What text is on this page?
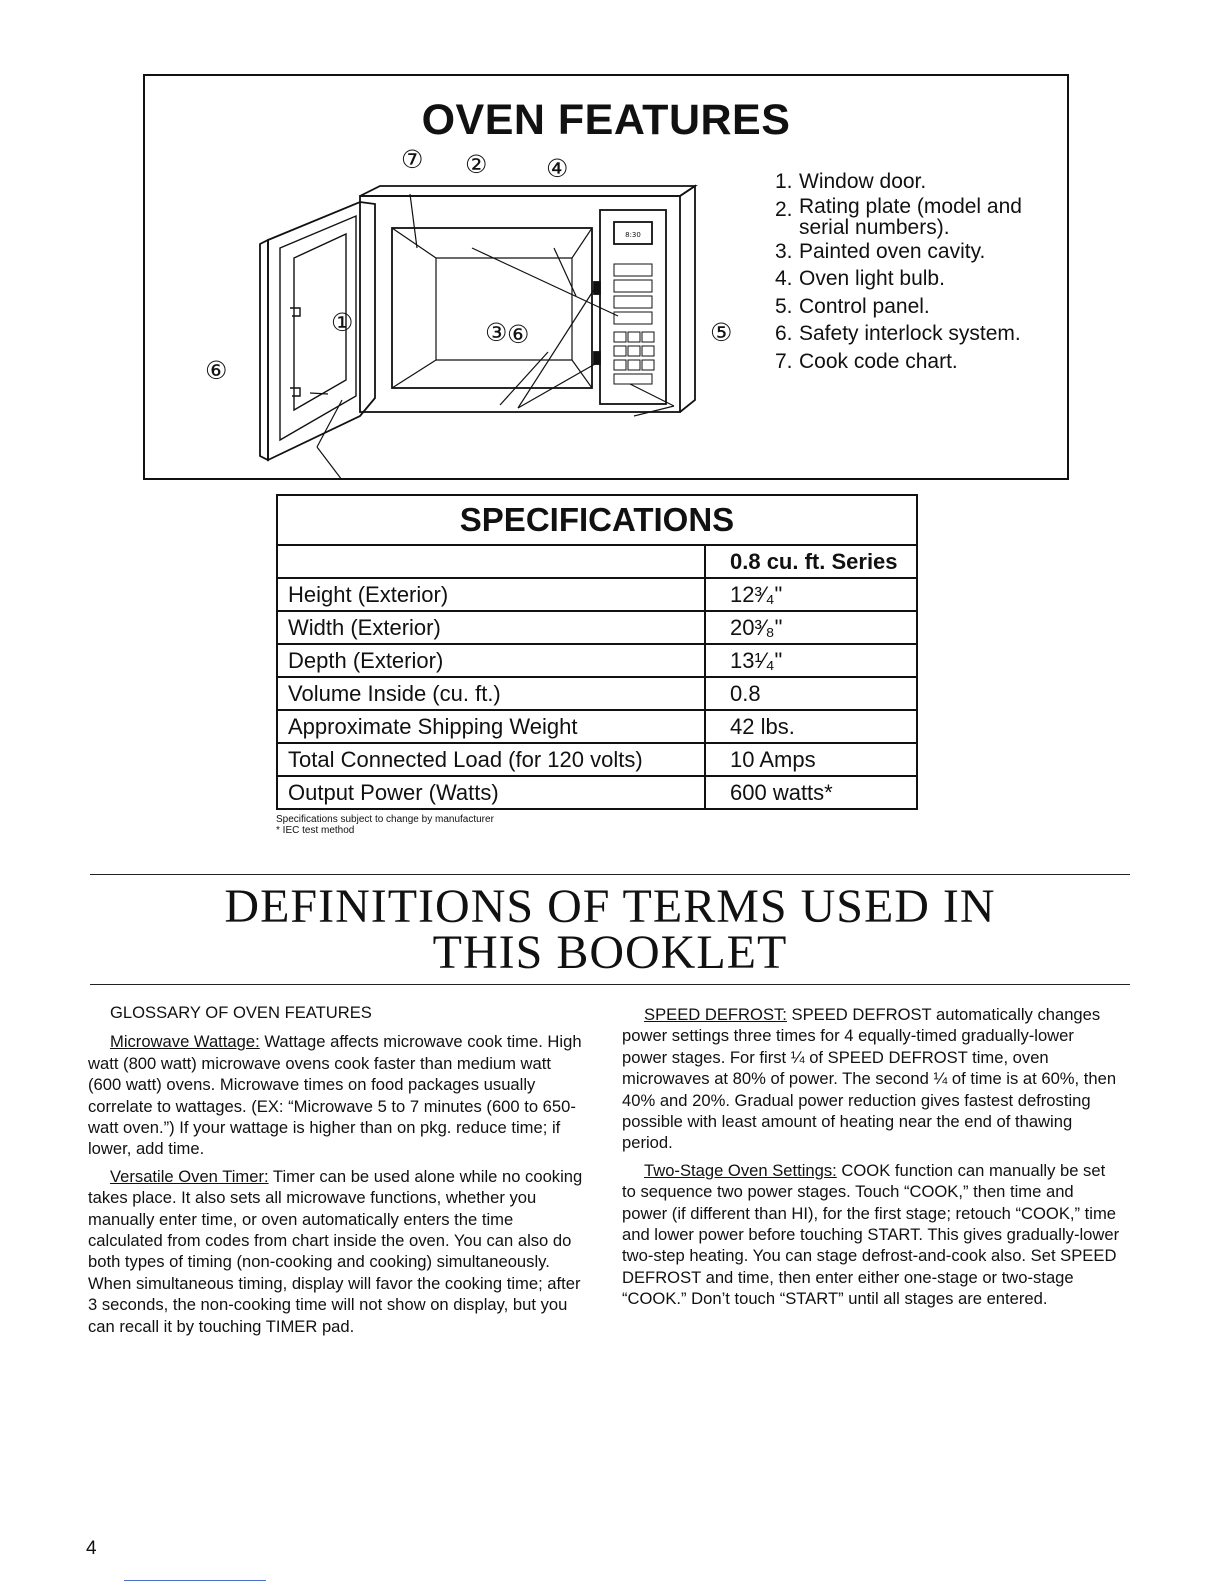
OVEN FEATURES
8:30
⑦ ② ④
①	③ ⑥	⑤
⑥
1. Window door.
2. Rating plate (model and serial numbers).
3. Painted oven cavity.
4. Oven light bulb.
5. Control panel.
6. Safety interlock system.
7. Cook code chart.
SPECIFICATIONS	
	0.8 cu. ft. Series
Height (Exterior)	12³⁄₄"
Width (Exterior)	20³⁄₈"
Depth (Exterior)	13¹⁄₄"
Volume Inside (cu. ft.)	0.8
Approximate Shipping Weight	42 lbs.
Total Connected Load (for 120 volts)	10 Amps
Output Power (Watts)	600 watts*
Specifications subject to change by manufacturer
* IEC test method
DEFINITIONS OF TERMS USED IN
THIS BOOKLET

GLOSSARY OF OVEN FEATURES

Microwave Wattage: Wattage affects microwave cook time. High watt (800 watt) microwave ovens cook faster than medium watt (600 watt) ovens. Microwave times on food packages usually correlate to wattages. (EX: “Microwave 5 to 7 minutes (600 to 650-watt oven.”) If your wattage is higher than on pkg. reduce time; if lower, add time.

Versatile Oven Timer: Timer can be used alone while no cooking takes place. It also sets all microwave functions, whether you manually enter time, or oven automatically enters the time calculated from codes from chart inside the oven. You can also do both types of timing (non-cooking and cooking) simultaneously. When simultaneous timing, display will favor the cooking time; after 3 seconds, the non-cooking time will not show on display, but you can recall it by touching TIMER pad.

SPEED DEFROST: SPEED DEFROST automatically changes power settings three times for 4 equally-timed gradually-lower power stages. For first ¼ of SPEED DEFROST time, oven microwaves at 80% of power. The second ¼ of time is at 60%, then 40% and 20%. Gradual power reduction gives fastest defrosting possible with least amount of heating near the end of thawing period.

Two-Stage Oven Settings: COOK function can manually be set to sequence two power stages. Touch “COOK,” then time and power (if different than HI), for the first stage; retouch “COOK,” time and lower power before touching START. This gives gradually-lower two-step heating. You can stage defrost-and-cook also. Set SPEED DEFROST and time, then enter either one-stage or two-stage “COOK.” Don’t touch “START” until all stages are entered.

4
